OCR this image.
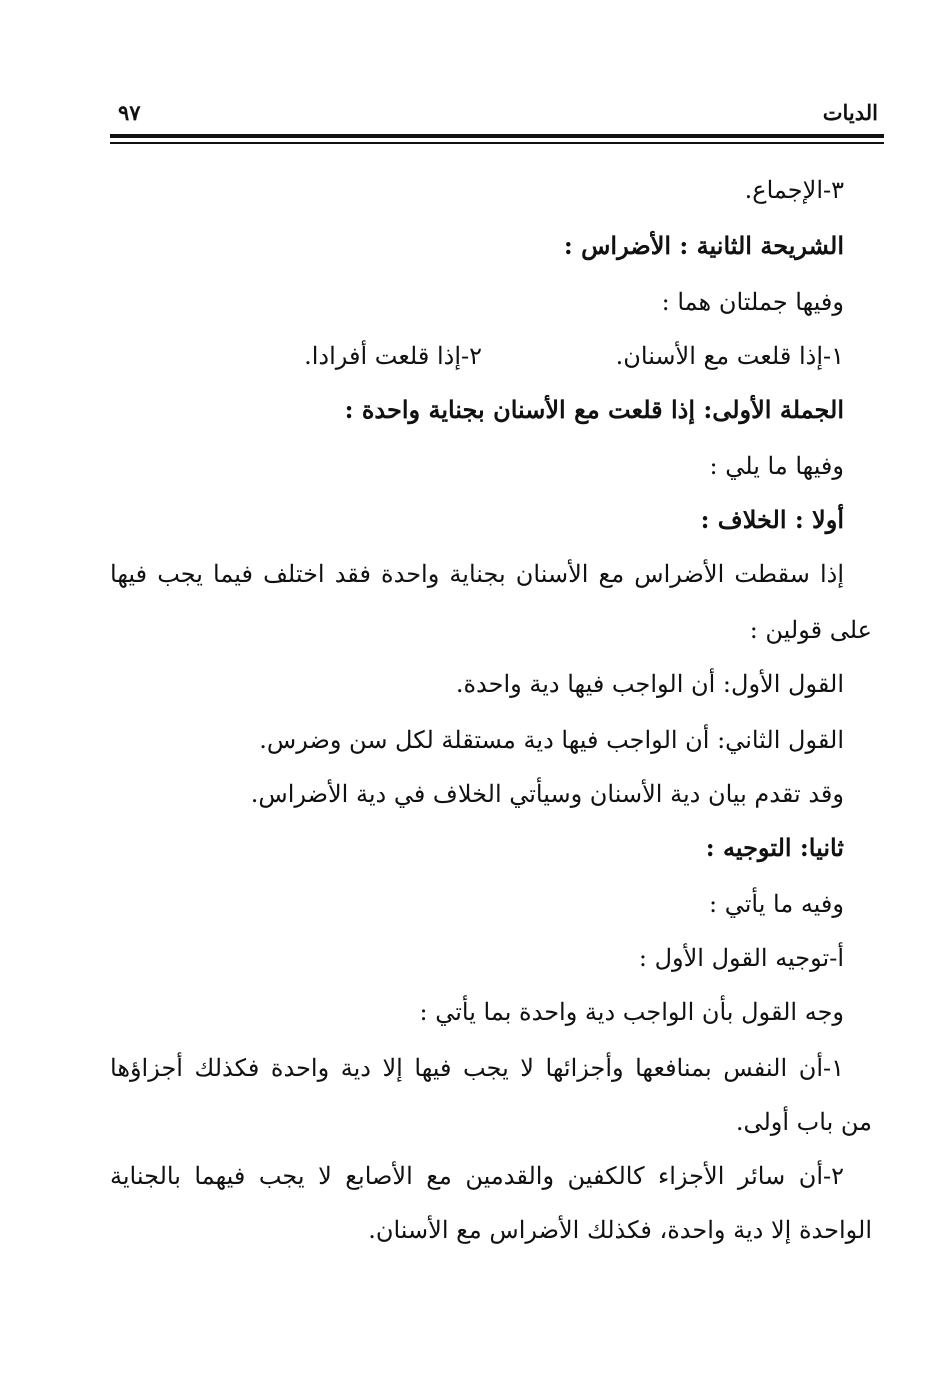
الديات
٩٧
٣-الإجماع.
الشريحة الثانية : الأضراس :
وفيها جملتان هما :
١-إذا قلعت مع الأسنان.
٢-إذا قلعت أفرادا.
الجملة الأولى: إذا قلعت مع الأسنان بجناية واحدة :
وفيها ما يلي :
أولا : الخلاف :
إذا سقطت الأضراس مع الأسنان بجناية واحدة فقد اختلف فيما يجب فيها
على قولين :
القول الأول: أن الواجب فيها دية واحدة.
القول الثاني: أن الواجب فيها دية مستقلة لكل سن وضرس.
وقد تقدم بيان دية الأسنان وسيأتي الخلاف في دية الأضراس.
ثانيا: التوجيه :
وفيه ما يأتي :
أ-توجيه القول الأول :
وجه القول بأن الواجب دية واحدة بما يأتي :
١-أن النفس بمنافعها وأجزائها لا يجب فيها إلا دية واحدة فكذلك أجزاؤها
من باب أولى.
٢-أن سائر الأجزاء كالكفين والقدمين مع الأصابع لا يجب فيهما بالجناية
الواحدة إلا دية واحدة، فكذلك الأضراس مع الأسنان.
